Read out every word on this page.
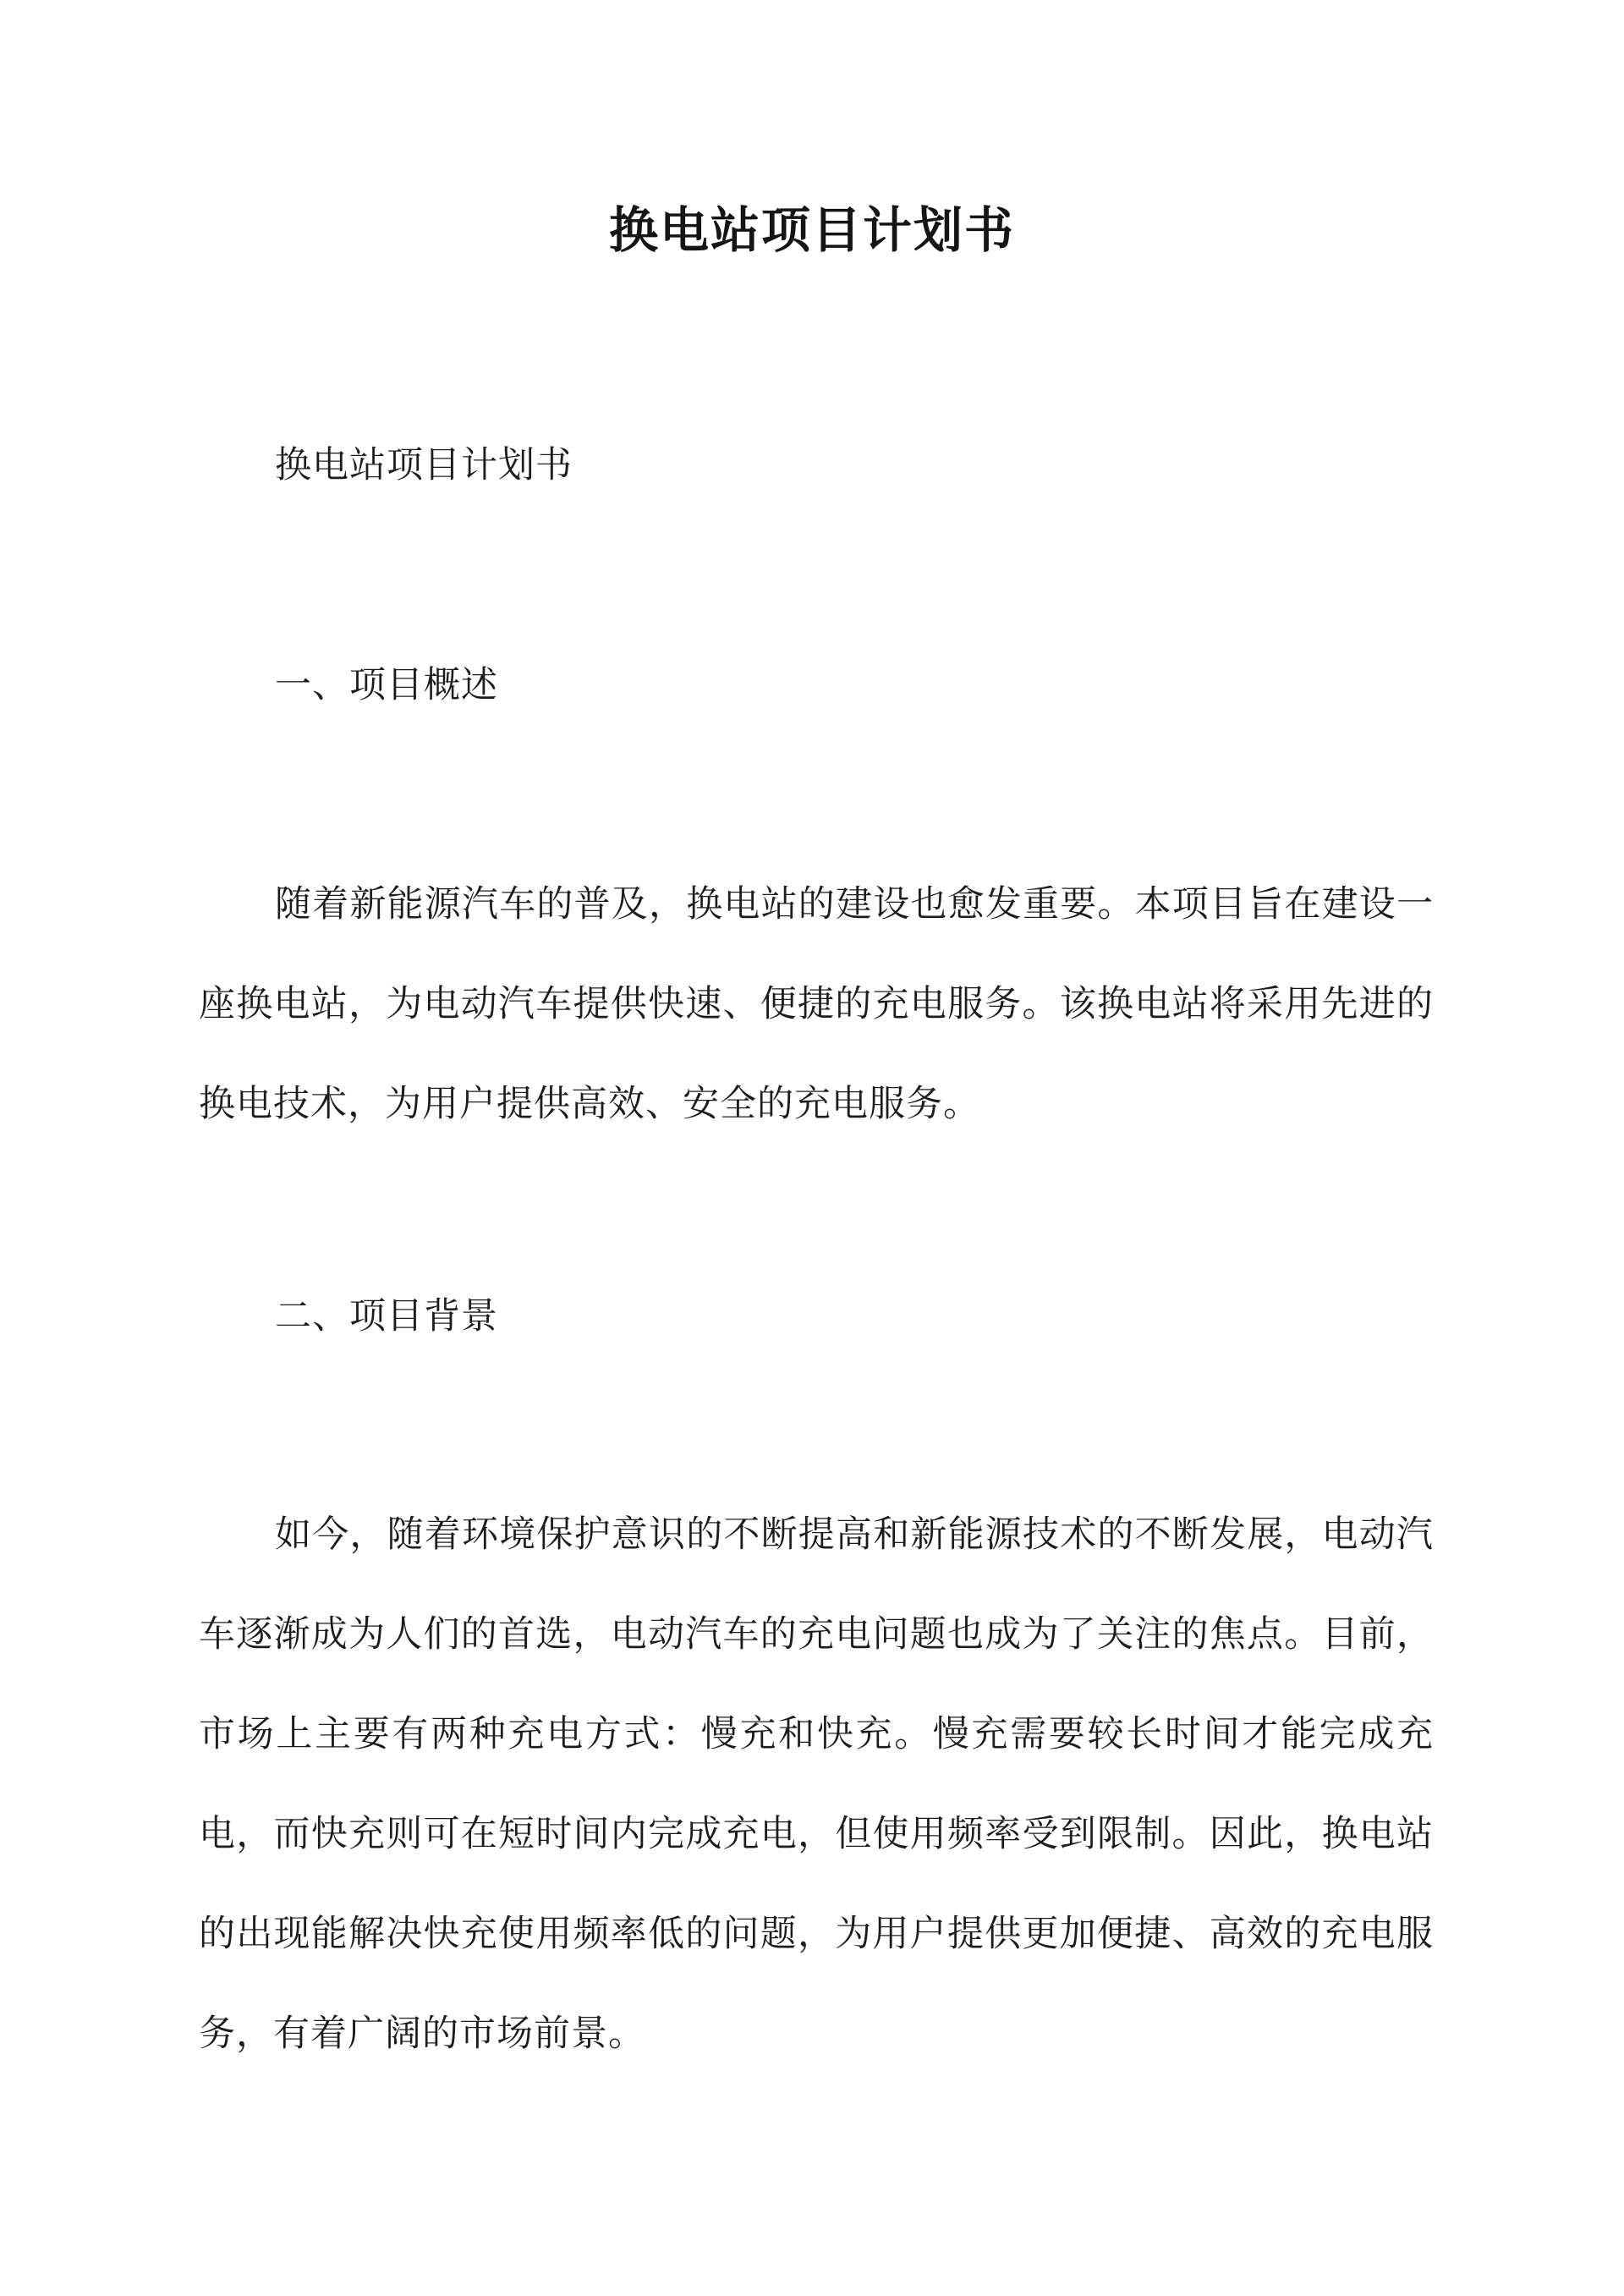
换电站项目计划书

换电站项目计划书

一、项目概述

随着新能源汽车的普及，换电站的建设也愈发重要。本项目旨在建设一座换电站，为电动汽车提供快速、便捷的充电服务。该换电站将采用先进的换电技术，为用户提供高效、安全的充电服务。

二、项目背景

如今，随着环境保护意识的不断提高和新能源技术的不断发展，电动汽车逐渐成为人们的首选，电动汽车的充电问题也成为了关注的焦点。目前，市场上主要有两种充电方式：慢充和快充。慢充需要较长时间才能完成充电，而快充则可在短时间内完成充电，但使用频率受到限制。因此，换电站的出现能解决快充使用频率低的问题，为用户提供更加便捷、高效的充电服务，有着广阔的市场前景。
